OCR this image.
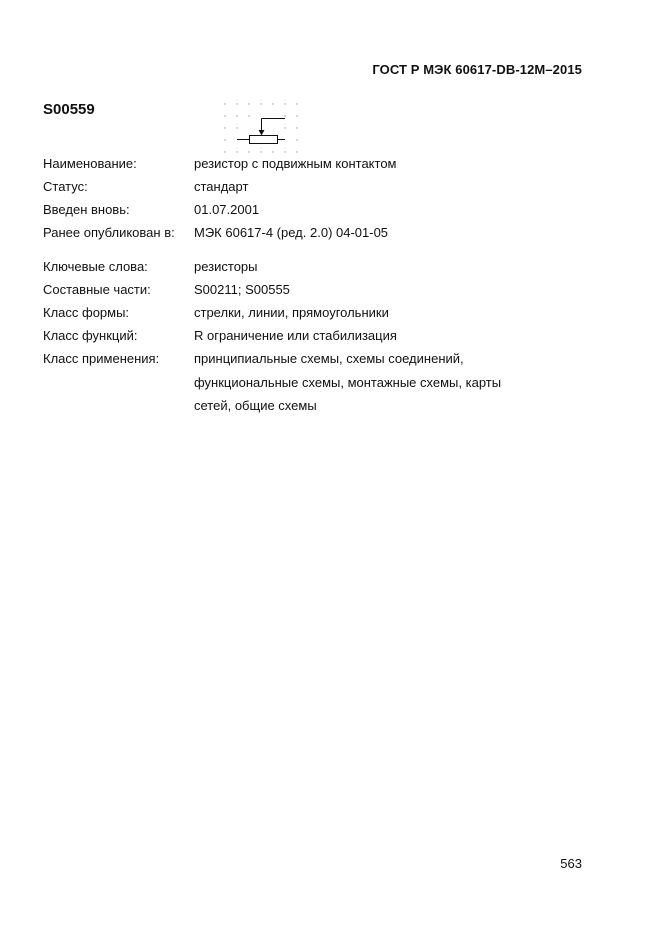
ГОСТ Р МЭК 60617-DB-12M–2015
S00559
Наименование:	резистор с подвижным контактом
Статус:	стандарт
Введен вновь:	01.07.2001
Ранее опубликован в: МЭК 60617-4 (ред. 2.0) 04-01-05
Ключевые слова:	резисторы
Составные части:	S00211; S00555
Класс формы:	стрелки, линии, прямоугольники
Класс функций:	R ограничение или стабилизация
Класс применения:	принципиальные схемы, схемы соединений,
функциональные схемы, монтажные схемы, карты
сетей, общие схемы
563
